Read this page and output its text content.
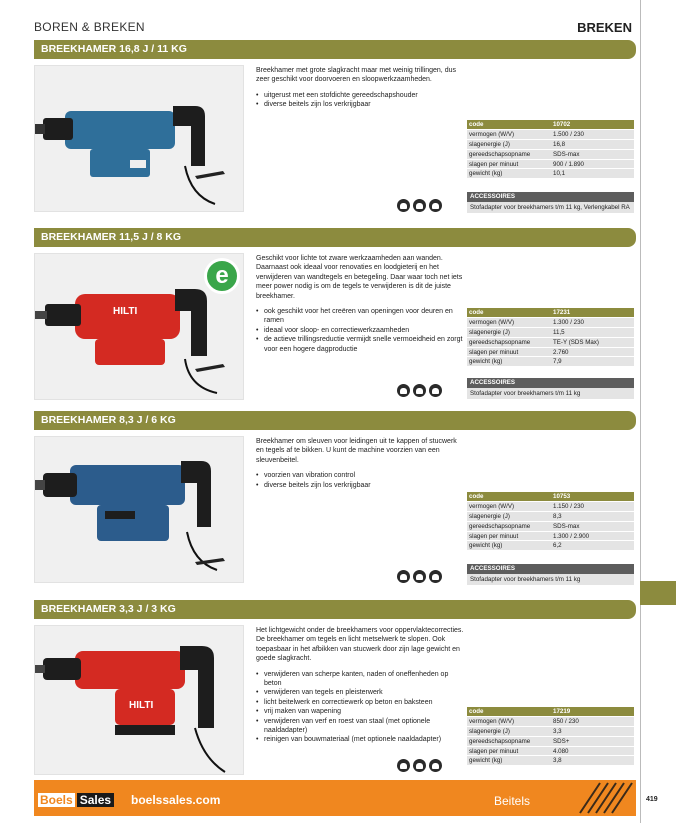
BOREN & BREKEN	BREKEN
BREEKHAMER 16,8 J / 11 KG

Breekhamer met grote slagkracht maar met weinig trillingen, dus zeer geschikt voor doorvoeren en sloopwerkzaamheden.

• uitgerust met een stofdichte gereedschapshouder
• diverse beitels zijn los verkrijgbaar
code	10702
vermogen (W/V)	1.500 / 230
slagenergie (J)	16,8
gereedschapsopname	SDS-max
slagen per minuut	900 / 1.890
gewicht (kg)	10,1
ACCESSOIRES
Stofadapter voor breekhamers t/m 11 kg, Verlengkabel RA
BREEKHAMER 11,5 J / 8 KG
HILTI
e

Geschikt voor lichte tot zware werkzaamheden aan wanden. Daarnaast ook ideaal voor renovaties en loodgieterij en het verwijderen van wandtegels en betegeling. Daar waar toch net iets meer power nodig is om de tegels te verwijderen is dit de juiste breekhamer.

• ook geschikt voor het creëren van openingen voor deuren en ramen
• ideaal voor sloop- en correctiewerkzaamheden
• de actieve trillingsreductie vermijdt snelle vermoeidheid en zorgt voor een hogere dagproductie
code	17231
vermogen (W/V)	1.300 / 230
slagenergie (J)	11,5
gereedschapsopname	TE-Y (SDS Max)
slagen per minuut	2.760
gewicht (kg)	7,9
ACCESSOIRES
Stofadapter voor breekhamers t/m 11 kg
BREEKHAMER 8,3 J / 6 KG

Breekhamer om sleuven voor leidingen uit te kappen of stucwerk en tegels af te bikken. U kunt de machine voorzien van een sleuvenbeitel.

• voorzien van vibration control
• diverse beitels zijn los verkrijgbaar
code	10753
vermogen (W/V)	1.150 / 230
slagenergie (J)	8,3
gereedschapsopname	SDS-max
slagen per minuut	1.300 / 2.900
gewicht (kg)	6,2
ACCESSOIRES
Stofadapter voor breekhamers t/m 11 kg
BREEKHAMER 3,3 J / 3 KG
HILTI

Het lichtgewicht onder de breekhamers voor oppervlaktecorrecties. De breekhamer om tegels en licht metselwerk te slopen. Ook toepasbaar in het afbikken van stucwerk door zijn lage gewicht en goede slagkracht.

• verwijderen van scherpe kanten, naden of oneffenheden op beton
• verwijderen van tegels en pleisterwerk
• licht beitelwerk en correctiewerk op beton en baksteen
• vrij maken van wapening
• verwijderen van verf en roest van staal (met optionele naaldadapter)
• reinigen van bouwmateriaal (met optionele naaldadapter)
code	17219
vermogen (W/V)	850 / 230
slagenergie (J)	3,3
gereedschapsopname	SDS+
slagen per minuut	4.080
gewicht (kg)	3,8
Boels Sales boelssales.com	Beitels	419
